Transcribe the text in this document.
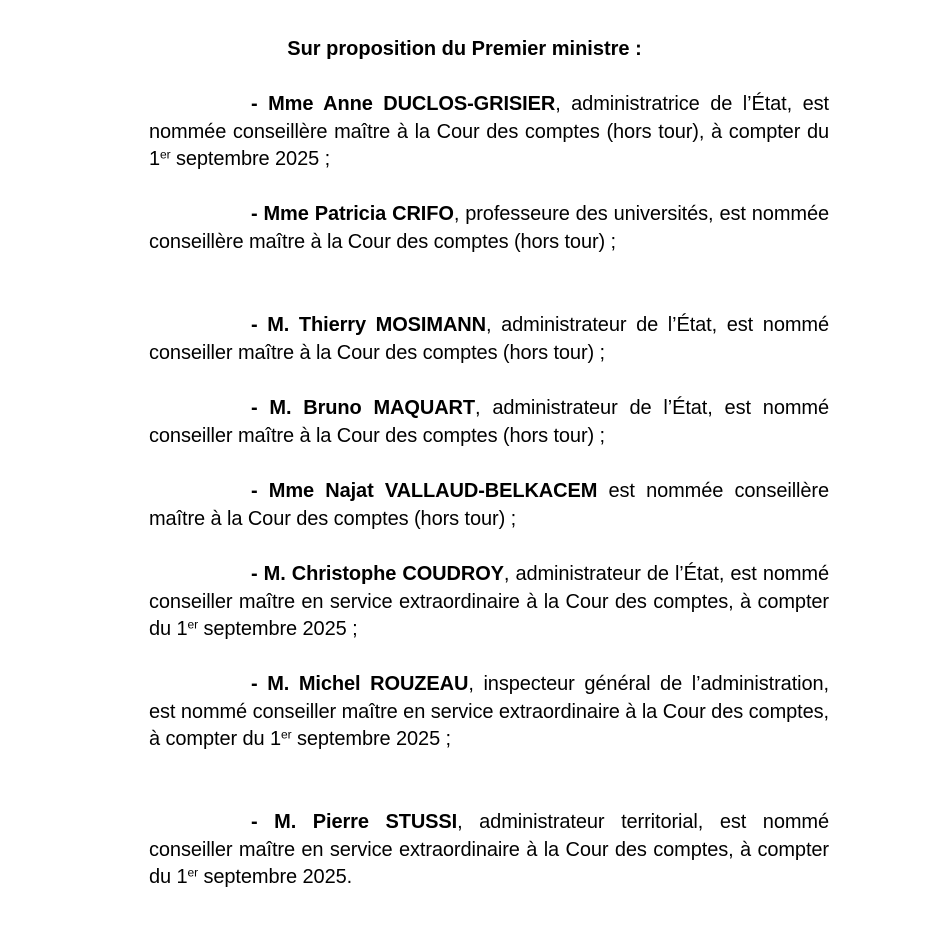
Sur proposition du Premier ministre :

- Mme Anne DUCLOS-GRISIER, administratrice de l’État, est nommée conseillère maître à la Cour des comptes (hors tour), à compter du 1er septembre 2025 ;

- Mme Patricia CRIFO, professeure des universités, est nommée conseillère maître à la Cour des comptes (hors tour) ;

- M. Thierry MOSIMANN, administrateur de l’État, est nommé conseiller maître à la Cour des comptes (hors tour) ;

- M. Bruno MAQUART, administrateur de l’État, est nommé conseiller maître à la Cour des comptes (hors tour) ;

- Mme Najat VALLAUD-BELKACEM est nommée conseillère maître à la Cour des comptes (hors tour) ;

- M. Christophe COUDROY, administrateur de l’État, est nommé conseiller maître en service extraordinaire à la Cour des comptes, à compter du 1er septembre 2025 ;

- M. Michel ROUZEAU, inspecteur général de l’administration, est nommé conseiller maître en service extraordinaire à la Cour des comptes, à compter du 1er septembre 2025 ;

- M. Pierre STUSSI, administrateur territorial, est nommé conseiller maître en service extraordinaire à la Cour des comptes, à compter du 1er septembre 2025.
